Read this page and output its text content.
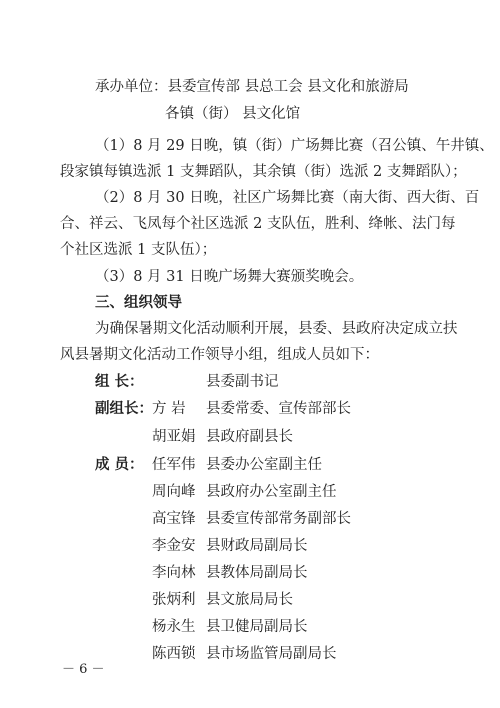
承办单位：县委宣传部 县总工会 县文化和旅游局
各镇（街） 县文化馆
（1）8 月 29 日晚，镇（街）广场舞比赛（召公镇、午井镇、
段家镇每镇选派 1 支舞蹈队，其余镇（街）选派 2 支舞蹈队）；
（2）8 月 30 日晚，社区广场舞比赛（南大街、西大街、百
合、祥云、飞凤每个社区选派 2 支队伍，胜利、绛帐、法门每
个社区选派 1 支队伍）；
（3）8 月 31 日晚广场舞大赛颁奖晚会。
三、组织领导
为确保暑期文化活动顺利开展，县委、县政府决定成立扶
风县暑期文化活动工作领导小组，组成人员如下：
组 长：	县委副书记
副组长： 方 岩 县委常委、宣传部部长
胡亚娟 县政府副县长
成 员： 任军伟 县委办公室副主任
周向峰 县政府办公室副主任
高宝锋 县委宣传部常务副部长
李金安 县财政局副局长
李向林 县教体局副局长
张炳利 县文旅局局长
杨永生 县卫健局副局长
陈西锁 县市场监管局副局长
－ 6 －
